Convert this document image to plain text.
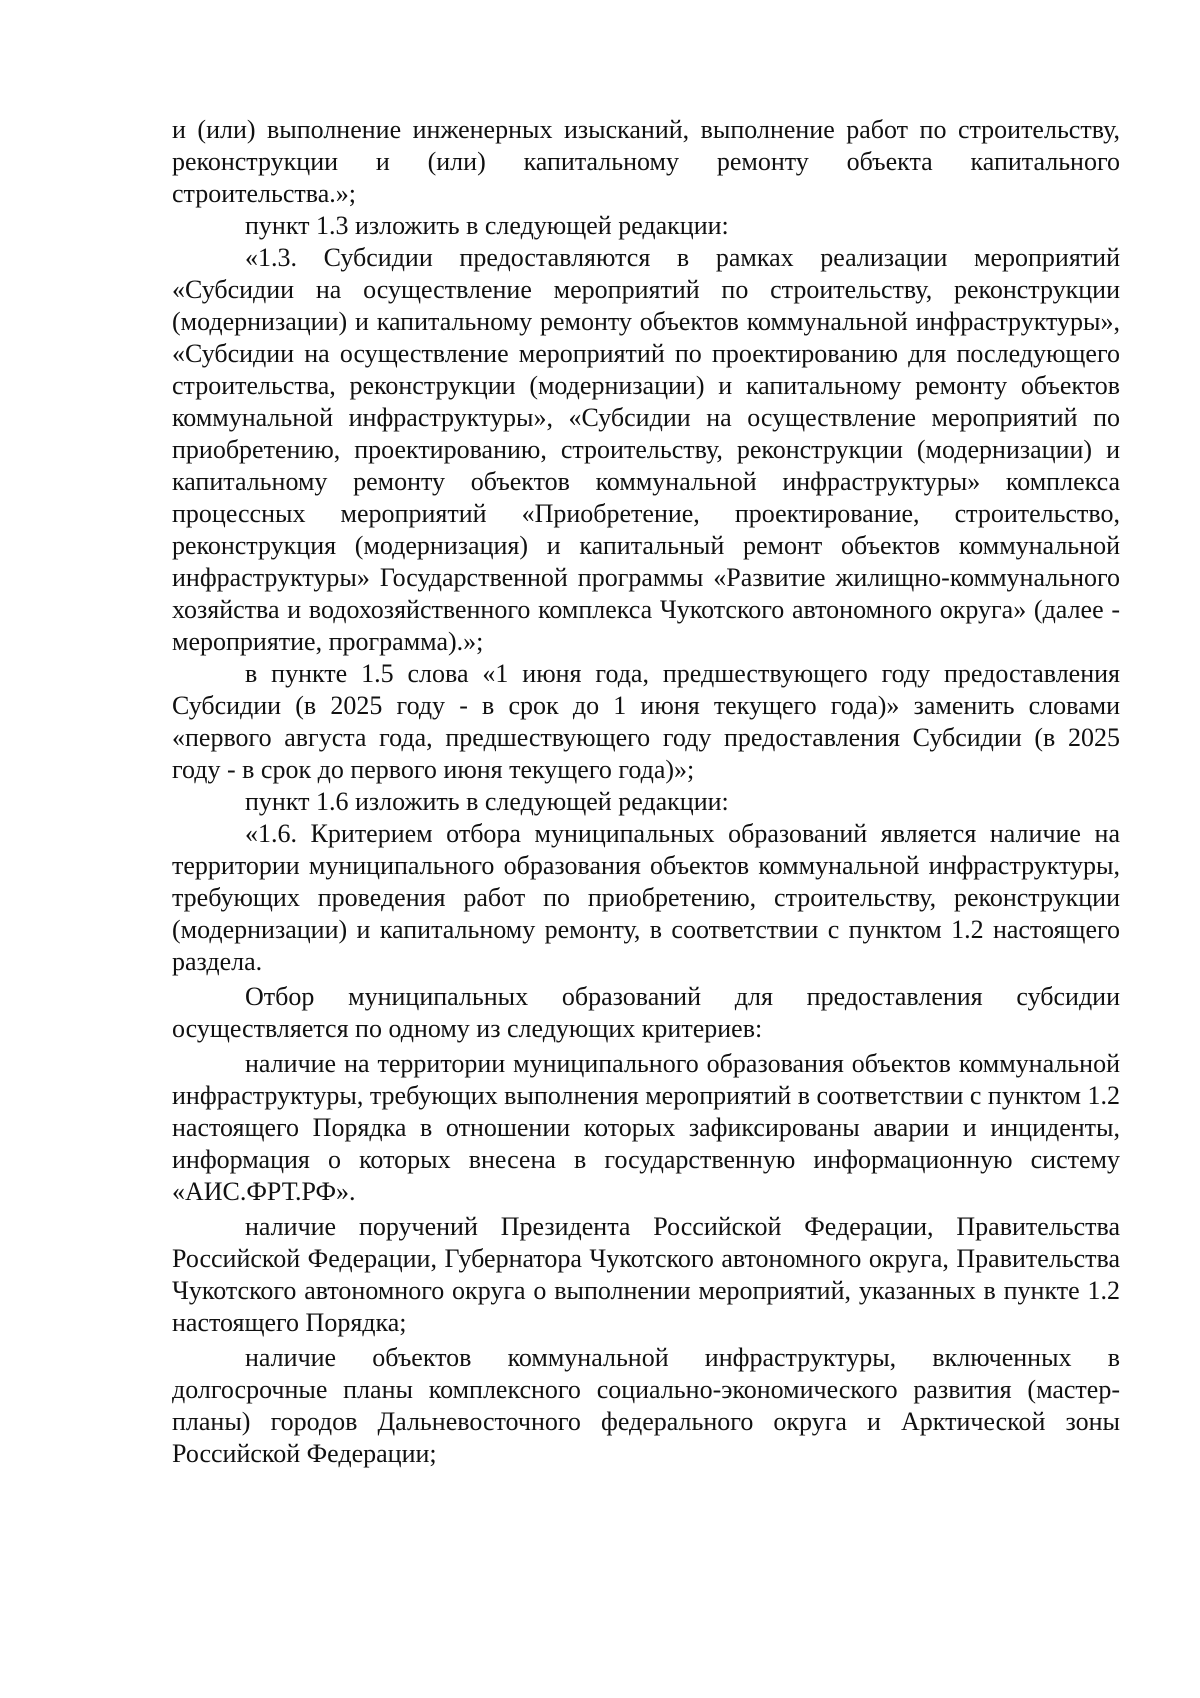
и (или) выполнение инженерных изысканий, выполнение работ по строительству, реконструкции и (или) капитальному ремонту объекта капитального строительства.»;

пункт 1.3 изложить в следующей редакции:

«1.3. Субсидии предоставляются в рамках реализации мероприятий «Субсидии на осуществление мероприятий по строительству, реконструкции (модернизации) и капитальному ремонту объектов коммунальной инфраструктуры», «Субсидии на осуществление мероприятий по проектированию для последующего строительства, реконструкции (модернизации) и капитальному ремонту объектов коммунальной инфраструктуры», «Субсидии на осуществление мероприятий по приобретению, проектированию, строительству, реконструкции (модернизации) и капитальному ремонту объектов коммунальной инфраструктуры» комплекса процессных мероприятий «Приобретение, проектирование, строительство, реконструкция (модернизация) и капитальный ремонт объектов коммунальной инфраструктуры» Государственной программы «Развитие жилищно-коммунального хозяйства и водохозяйственного комплекса Чукотского автономного округа» (далее - мероприятие, программа).»;

в пункте 1.5 слова «1 июня года, предшествующего году предоставления Субсидии (в 2025 году - в срок до 1 июня текущего года)» заменить словами «первого августа года, предшествующего году предоставления Субсидии (в 2025 году - в срок до первого июня текущего года)»;

пункт 1.6 изложить в следующей редакции:

«1.6. Критерием отбора муниципальных образований является наличие на территории муниципального образования объектов коммунальной инфраструктуры, требующих проведения работ по приобретению, строительству, реконструкции (модернизации) и капитальному ремонту, в соответствии с пунктом 1.2 настоящего раздела.

Отбор муниципальных образований для предоставления субсидии осуществляется по одному из следующих критериев:

наличие на территории муниципального образования объектов коммунальной инфраструктуры, требующих выполнения мероприятий в соответствии с пунктом 1.2 настоящего Порядка в отношении которых зафиксированы аварии и инциденты, информация о которых внесена в государственную информационную систему «АИС.ФРТ.РФ».

наличие поручений Президента Российской Федерации, Правительства Российской Федерации, Губернатора Чукотского автономного округа, Правительства Чукотского автономного округа о выполнении мероприятий, указанных в пункте 1.2 настоящего Порядка;

наличие объектов коммунальной инфраструктуры, включенных в долгосрочные планы комплексного социально-экономического развития (мастер-планы) городов Дальневосточного федерального округа и Арктической зоны Российской Федерации;
